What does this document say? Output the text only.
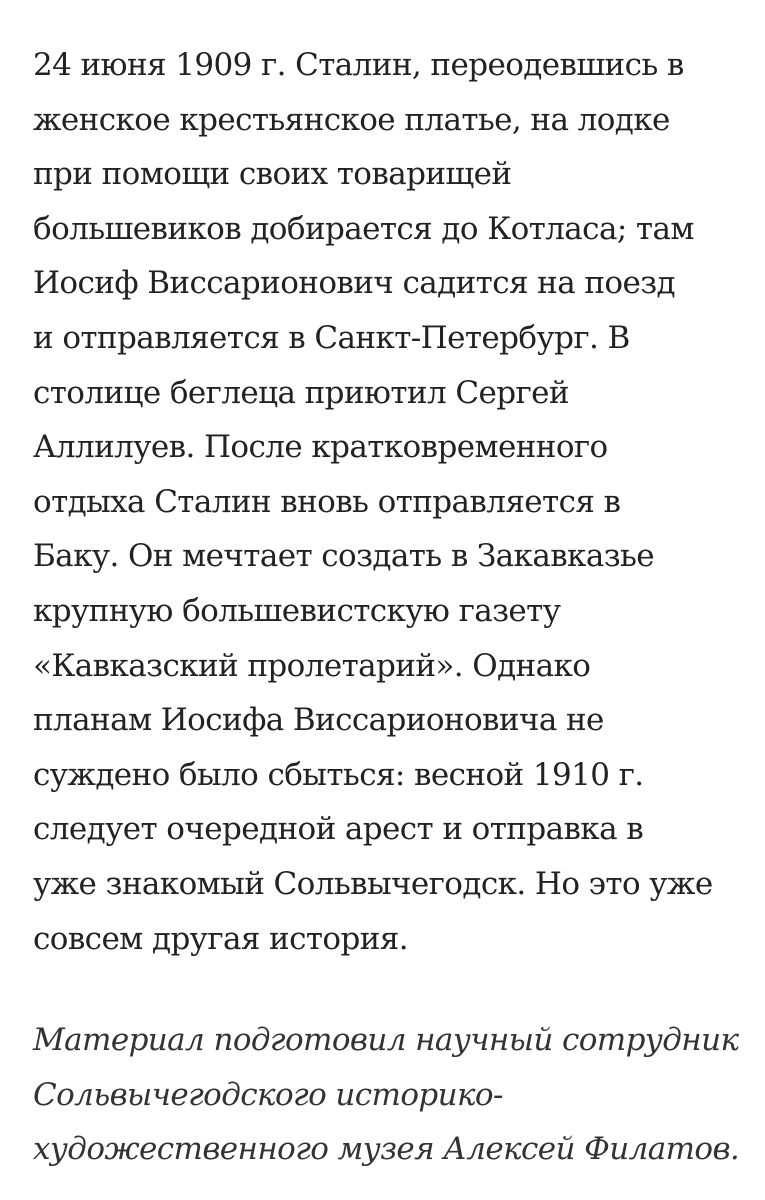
24 июня 1909 г. Сталин, переодевшись в
женское крестьянское платье, на лодке
при помощи своих товарищей
большевиков добирается до Котласа; там
Иосиф Виссарионович садится на поезд
и отправляется в Санкт-Петербург. В
столице беглеца приютил Сергей
Аллилуев. После кратковременного
отдыха Сталин вновь отправляется в
Баку. Он мечтает создать в Закавказье
крупную большевистскую газету
«Кавказский пролетарий». Однако
планам Иосифа Виссарионовича не
суждено было сбыться: весной 1910 г.
следует очередной арест и отправка в
уже знакомый Сольвычегодск. Но это уже
совсем другая история.
Материал подготовил научный сотрудник
Сольвычегодского историко-
художественного музея Алексей Филатов.
